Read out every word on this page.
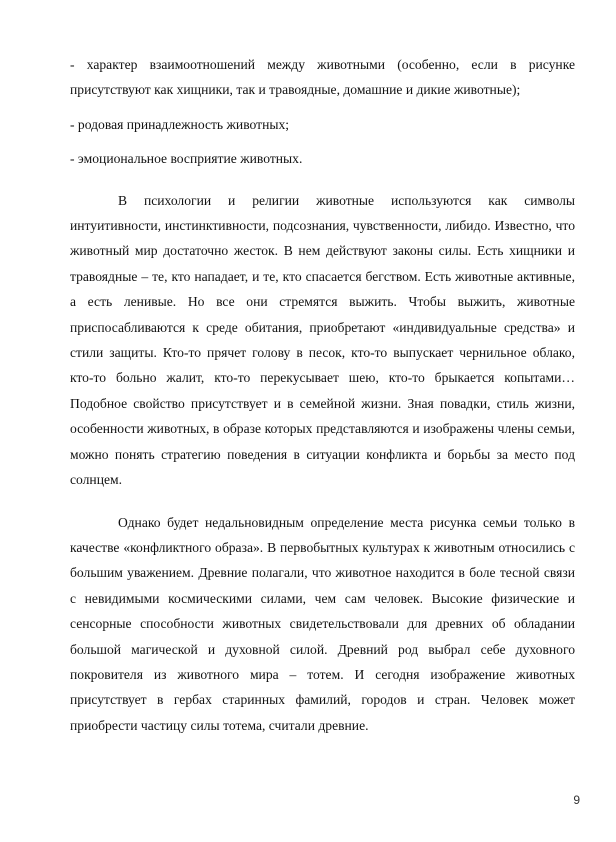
- характер взаимоотношений между животными (особенно, если в рисунке присутствуют как хищники, так и травоядные, домашние и дикие животные);

- родовая принадлежность животных;

- эмоциональное восприятие животных.

В психологии и религии животные используются как символы интуитивности, инстинктивности, подсознания, чувственности, либидо. Известно, что животный мир достаточно жесток. В нем действуют законы силы. Есть хищники и травоядные – те, кто нападает, и те, кто спасается бегством. Есть животные активные, а есть ленивые. Но все они стремятся выжить. Чтобы выжить, животные приспосабливаются к среде обитания, приобретают «индивидуальные средства» и стили защиты. Кто-то прячет голову в песок, кто-то выпускает чернильное облако, кто-то больно жалит, кто-то перекусывает шею, кто-то брыкается копытами… Подобное свойство присутствует и в семейной жизни. Зная повадки, стиль жизни, особенности животных, в образе которых представляются и изображены члены семьи, можно понять стратегию поведения в ситуации конфликта и борьбы за место под солнцем.

Однако будет недальновидным определение места рисунка семьи только в качестве «конфликтного образа». В первобытных культурах к животным относились с большим уважением. Древние полагали, что животное находится в боле тесной связи с невидимыми космическими силами, чем сам человек. Высокие физические и сенсорные способности животных свидетельствовали для древних об обладании большой магической и духовной силой. Древний род выбрал себе духовного покровителя из животного мира – тотем. И сегодня изображение животных присутствует в гербах старинных фамилий, городов и стран. Человек может приобрести частицу силы тотема, считали древние.

9
